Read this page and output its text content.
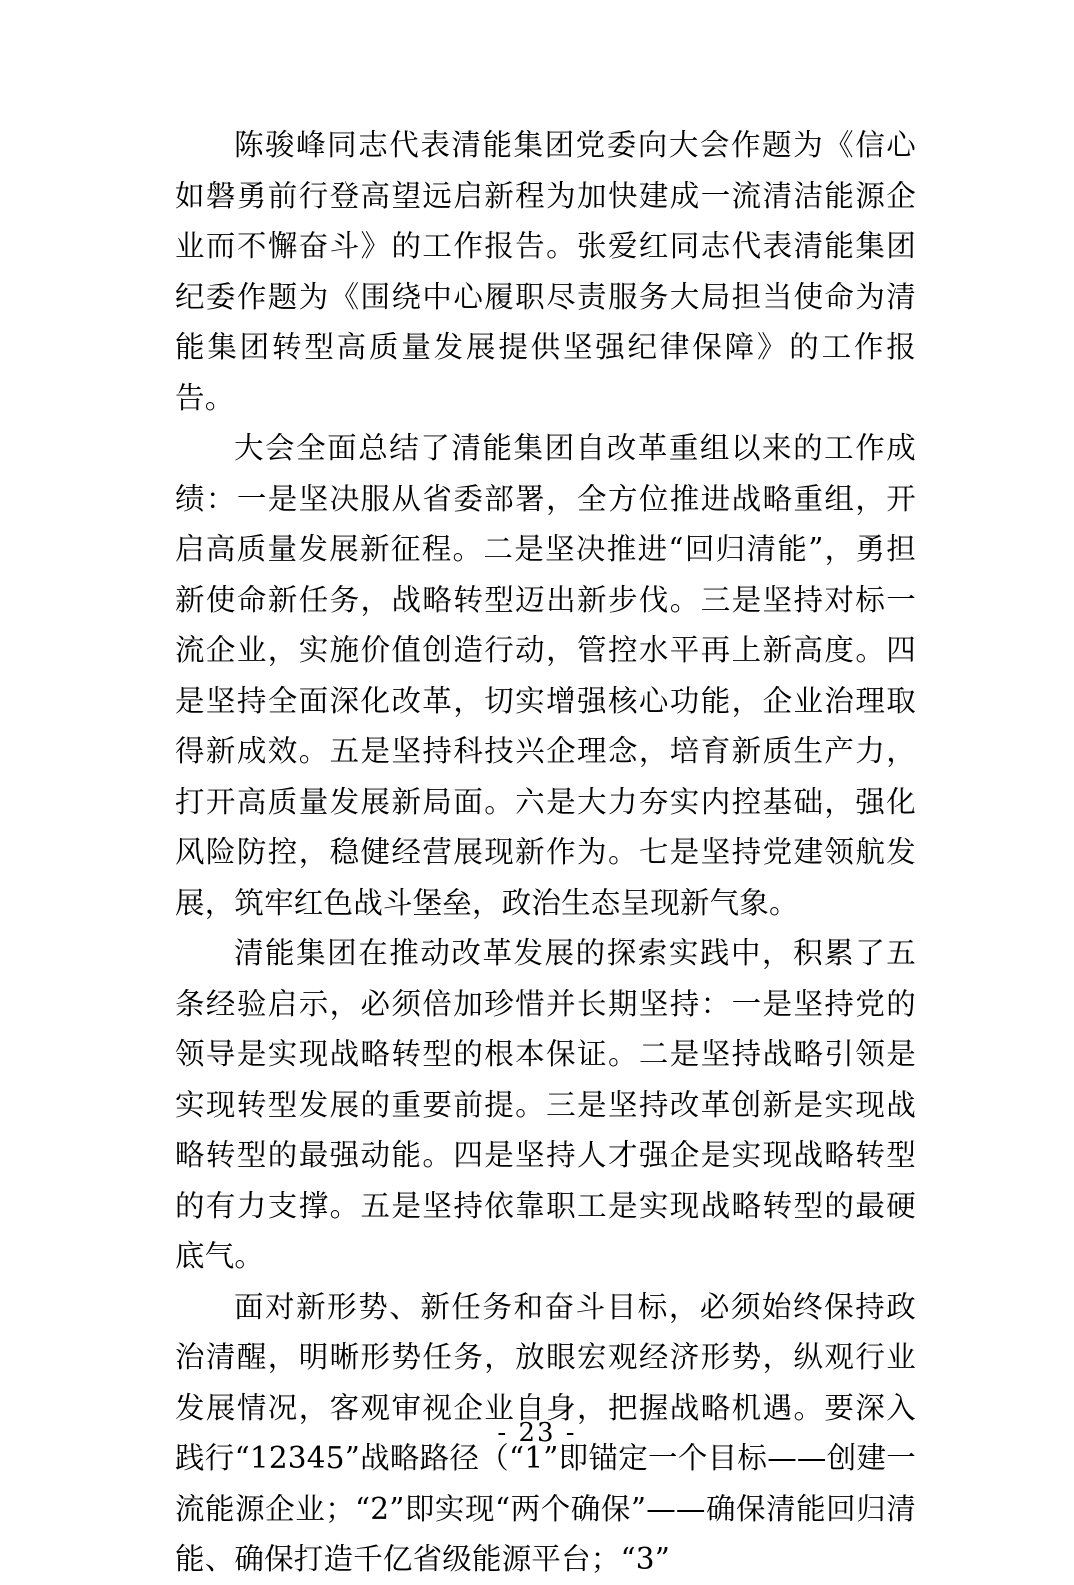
陈骏峰同志代表清能集团党委向大会作题为《信心如磐勇前行登高望远启新程为加快建成一流清洁能源企业而不懈奋斗》的工作报告。张爱红同志代表清能集团纪委作题为《围绕中心履职尽责服务大局担当使命为清能集团转型高质量发展提供坚强纪律保障》的工作报告。

大会全面总结了清能集团自改革重组以来的工作成绩：一是坚决服从省委部署，全方位推进战略重组，开启高质量发展新征程。二是坚决推进“回归清能”，勇担新使命新任务，战略转型迈出新步伐。三是坚持对标一流企业，实施价值创造行动，管控水平再上新高度。四是坚持全面深化改革，切实增强核心功能，企业治理取得新成效。五是坚持科技兴企理念，培育新质生产力，打开高质量发展新局面。六是大力夯实内控基础，强化风险防控，稳健经营展现新作为。七是坚持党建领航发展，筑牢红色战斗堡垒，政治生态呈现新气象。

清能集团在推动改革发展的探索实践中，积累了五条经验启示，必须倍加珍惜并长期坚持：一是坚持党的领导是实现战略转型的根本保证。二是坚持战略引领是实现转型发展的重要前提。三是坚持改革创新是实现战略转型的最强动能。四是坚持人才强企是实现战略转型的有力支撑。五是坚持依靠职工是实现战略转型的最硬底气。

面对新形势、新任务和奋斗目标，必须始终保持政治清醒，明晰形势任务，放眼宏观经济形势，纵观行业发展情况，客观审视企业自身，把握战略机遇。要深入践行“12345”战略路径（“1”即锚定一个目标——创建一流能源企业；“2”即实现“两个确保”——确保清能回归清能、确保打造千亿省级能源平台；“3”

- 23 -
